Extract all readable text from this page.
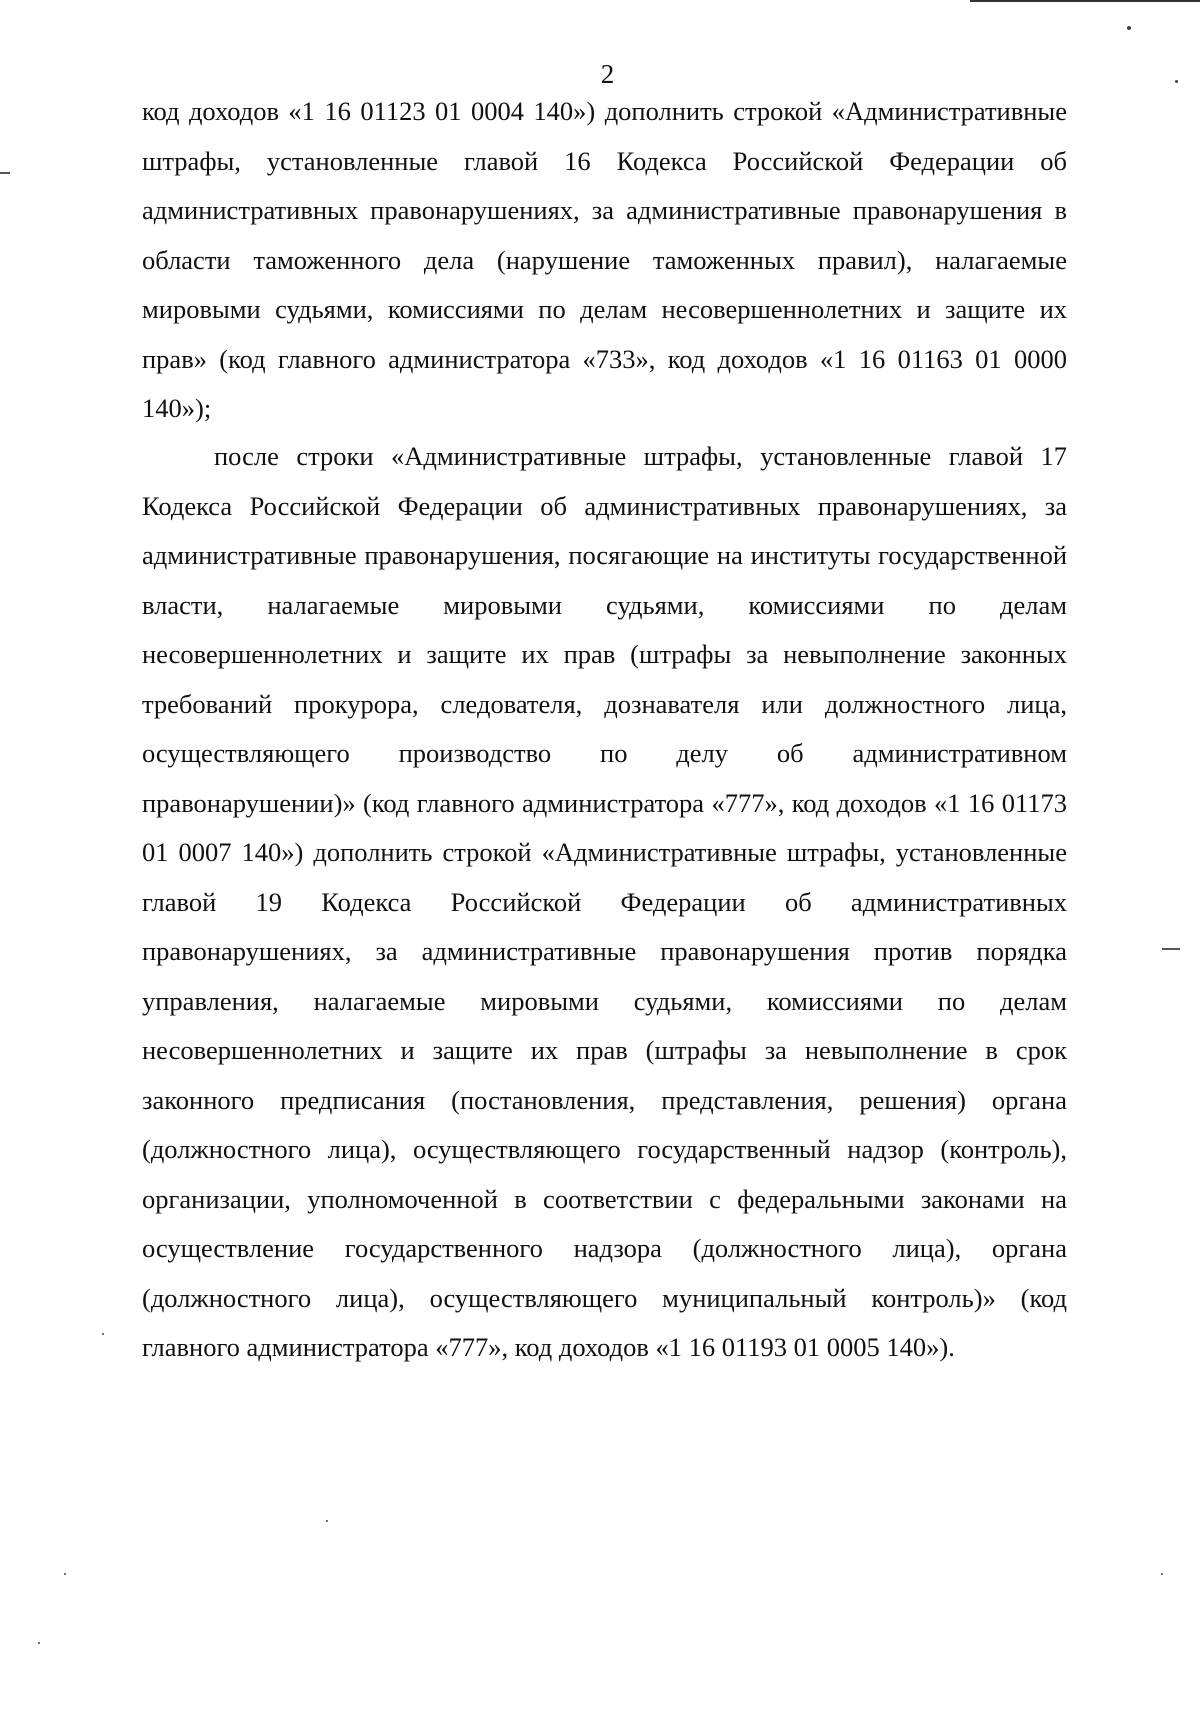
2

код доходов «1 16 01123 01 0004 140») дополнить строкой «Административные штрафы, установленные главой 16 Кодекса Российской Федерации об административных правонарушениях, за административные правонарушения в области таможенного дела (нарушение таможенных правил), налагаемые мировыми судьями, комиссиями по делам несовершеннолетних и защите их прав» (код главного администратора «733», код доходов «1 16 01163 01 0000 140»);

после строки «Административные штрафы, установленные главой 17 Кодекса Российской Федерации об административных правонарушениях, за административные правонарушения, посягающие на институты государственной власти, налагаемые мировыми судьями, комиссиями по делам несовершеннолетних и защите их прав (штрафы за невыполнение законных требований прокурора, следователя, дознавателя или должностного лица, осуществляющего производство по делу об административном правонарушении)» (код главного администратора «777», код доходов «1 16 01173 01 0007 140») дополнить строкой «Административные штрафы, установленные главой 19 Кодекса Российской Федерации об административных правонарушениях, за административные правонарушения против порядка управления, налагаемые мировыми судьями, комиссиями по делам несовершеннолетних и защите их прав (штрафы за невыполнение в срок законного предписания (постановления, представления, решения) органа (должностного лица), осуществляющего государственный надзор (контроль), организации, уполномоченной в соответствии с федеральными законами на осуществление государственного надзора (должностного лица), органа (должностного лица), осуществляющего муниципальный контроль)» (код главного администратора «777», код доходов «1 16 01193 01 0005 140»).
